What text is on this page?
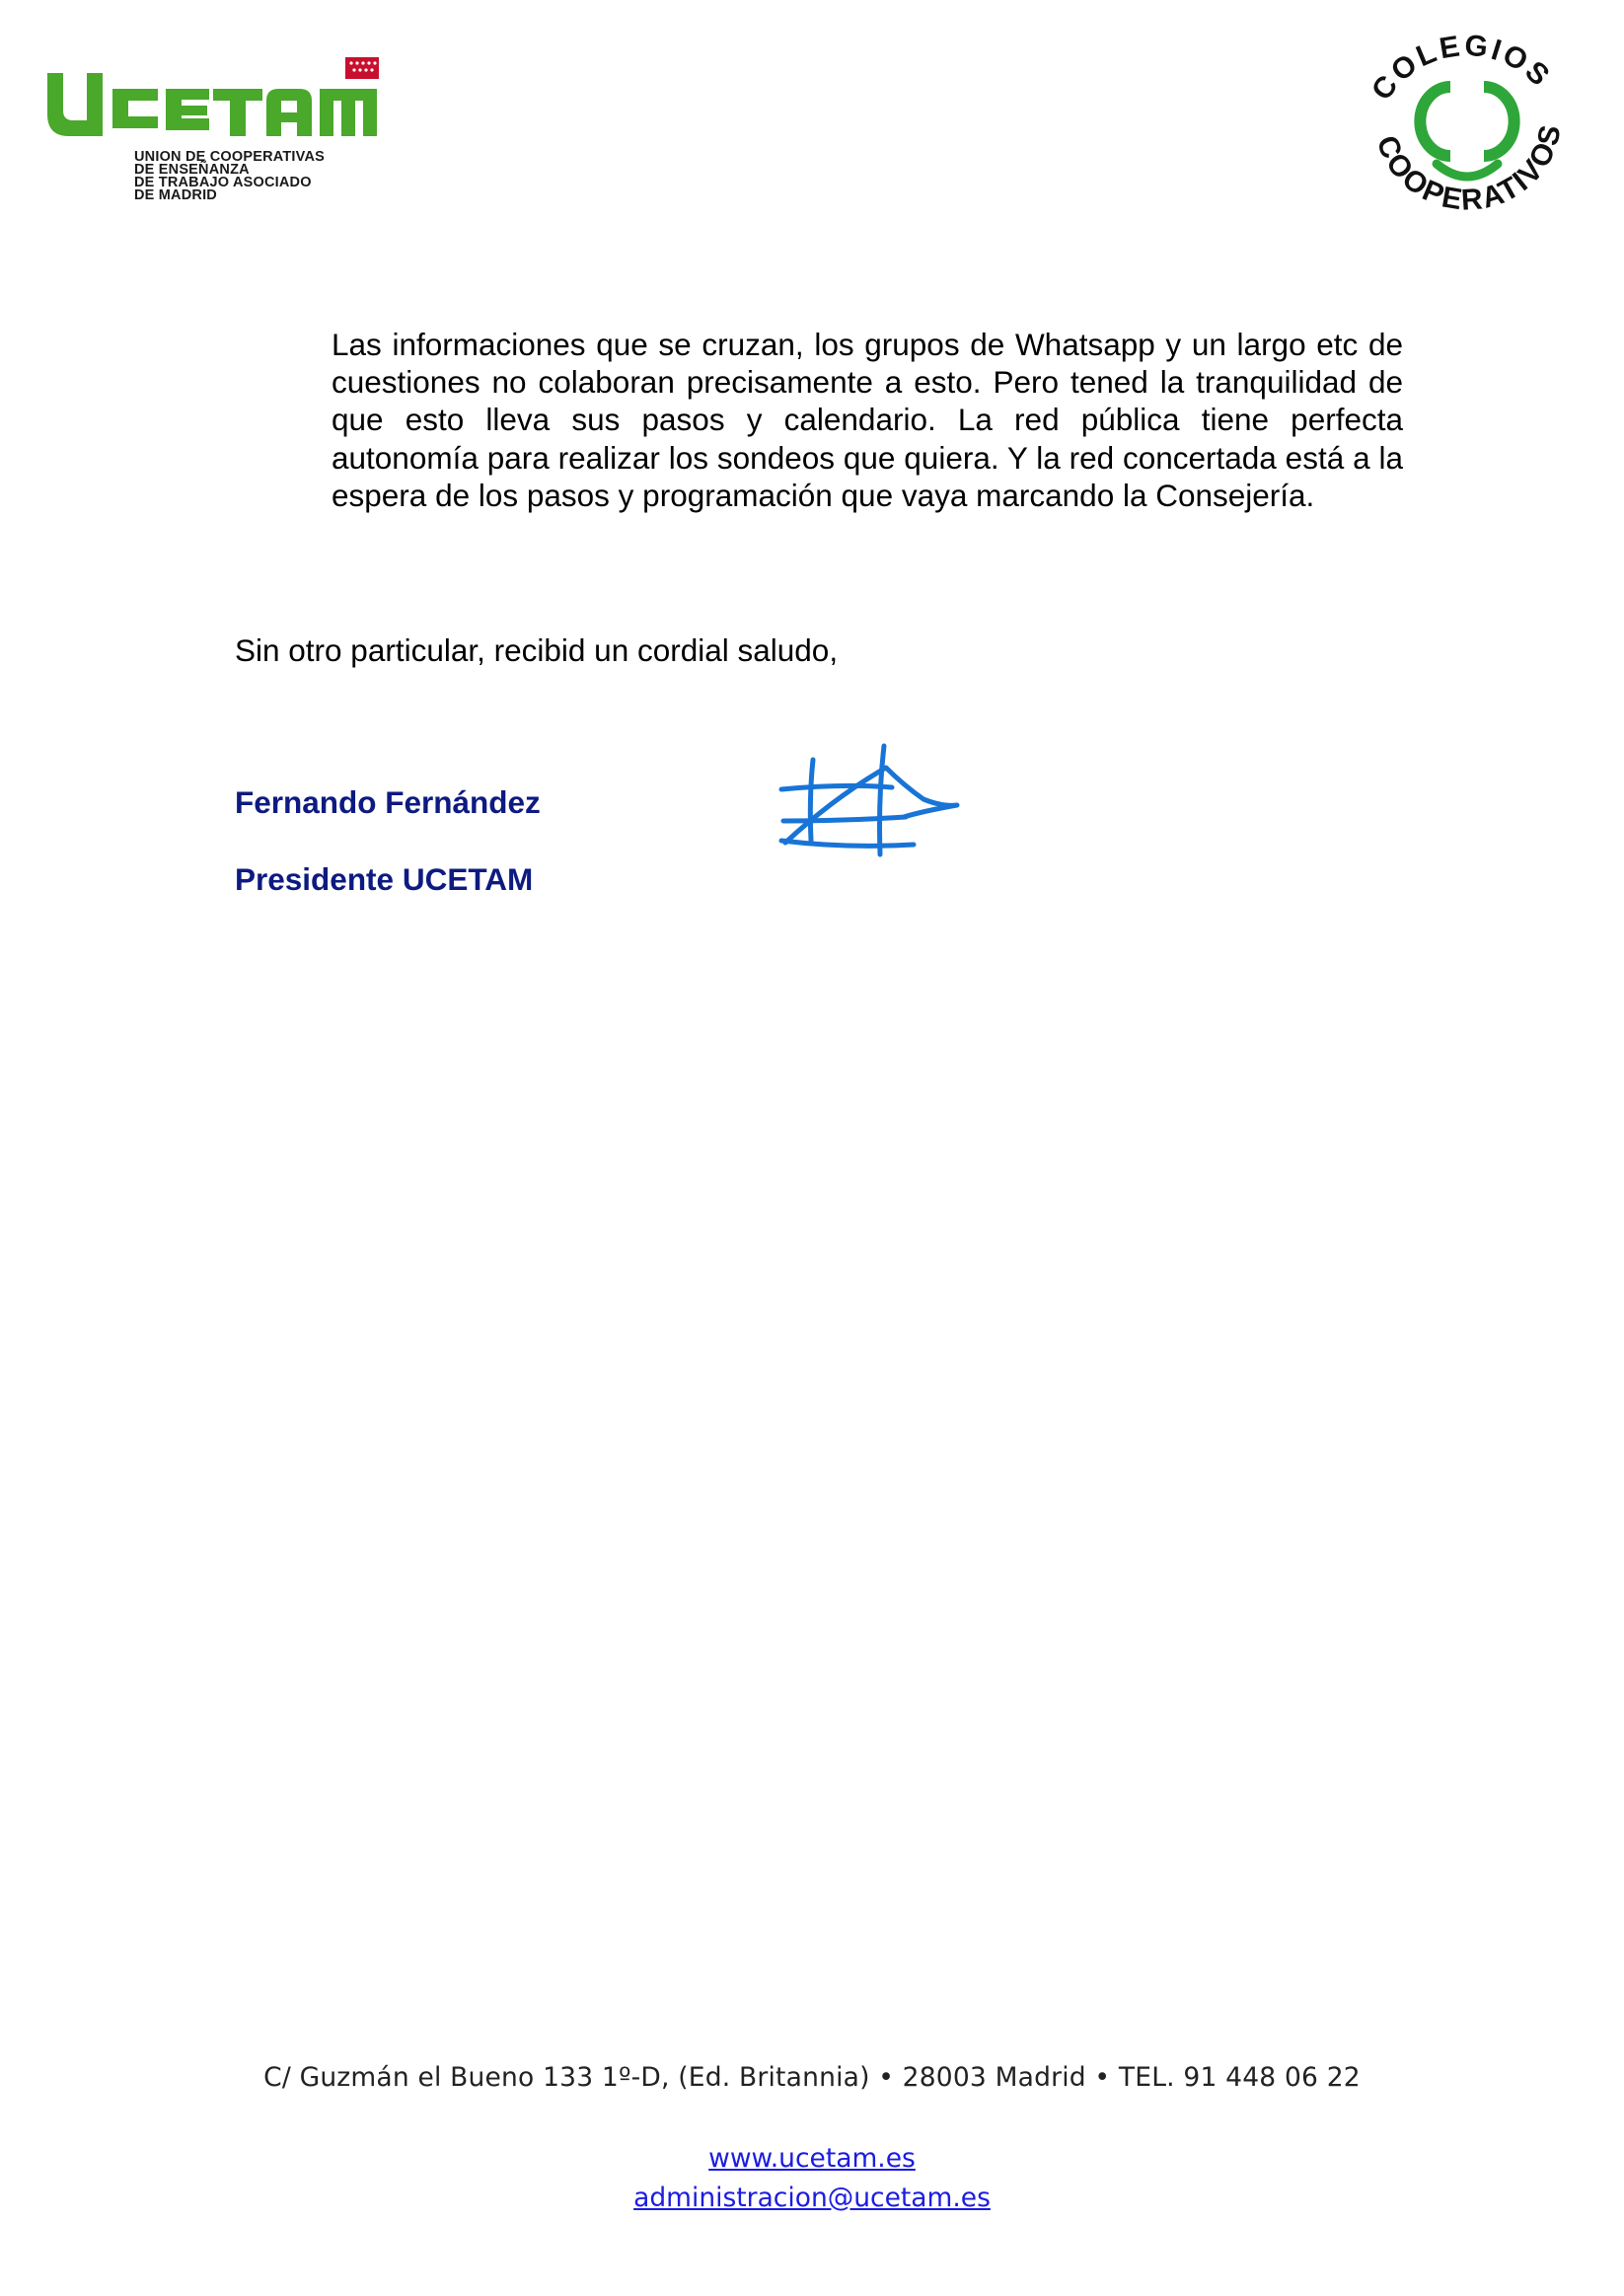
UNION DE COOPERATIVAS
DE ENSEÑANZA
DE TRABAJO ASOCIADO
DE MADRID
COLEGIOS
COOPERATIVOS
Las informaciones que se cruzan, los grupos de Whatsapp y un largo etc de cuestiones no colaboran precisamente a esto. Pero tened la tranquilidad de que esto lleva sus pasos y calendario. La red pública tiene perfecta autonomía para realizar los sondeos que quiera. Y la red concertada está a la espera de los pasos y programación que vaya marcando la Consejería.
Sin otro particular, recibid un cordial saludo,
Fernando Fernández
Presidente UCETAM
C/ Guzmán el Bueno 133 1º-D, (Ed. Britannia) • 28003 Madrid • TEL. 91 448 06 22
www.ucetam.es
administracion@ucetam.es
